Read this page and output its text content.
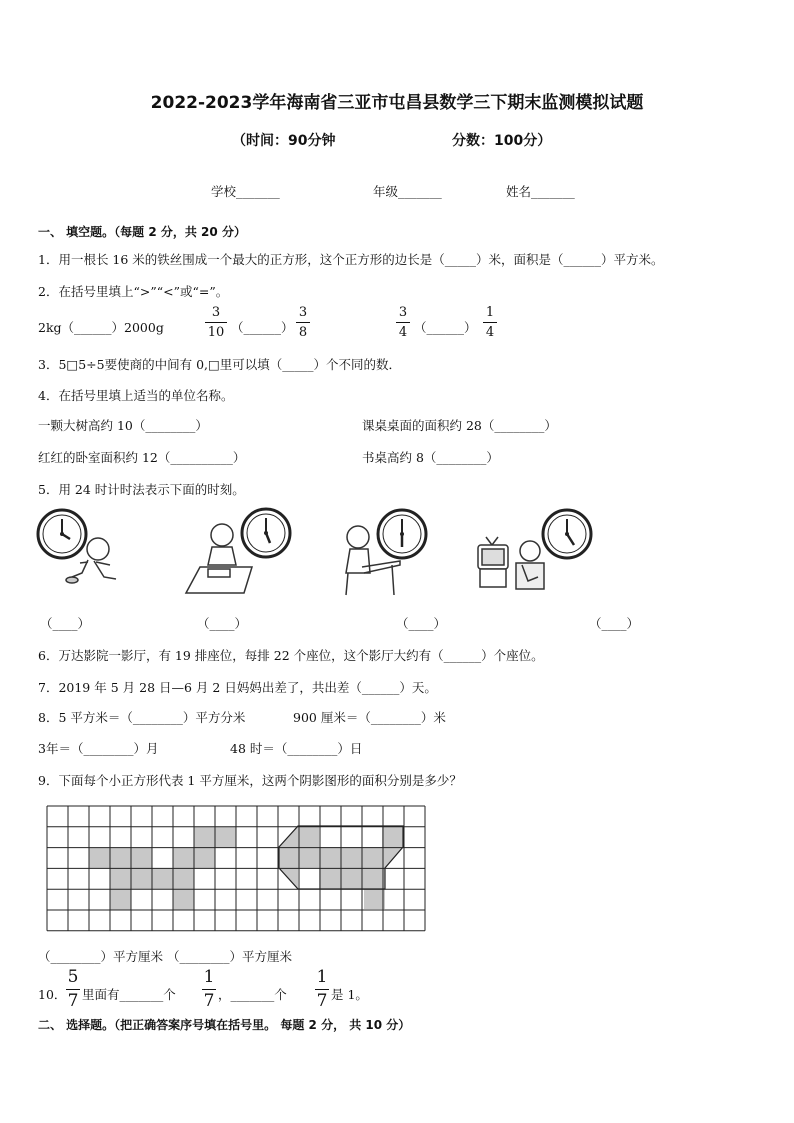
2022-2023学年海南省三亚市屯昌县数学三下期末监测模拟试题
（时间：90分钟	分数：100分）
学校_______	年级_______	姓名_______
一、 填空题。（每题 2 分，共 20 分）
1．用一根长 16 米的铁丝围成一个最大的正方形，这个正方形的边长是（_____）米，面积是（______）平方米。
2．在括号里填上“>”“<”或“=”。
2kg（______）2000g
3
10 （______）
3
8
3
4 （______）
1
4
3．5□5÷5要使商的中间有 0,□里可以填（_____）个不同的数．
4．在括号里填上适当的单位名称。
一颗大树高约 10（________）	课桌桌面的面积约 28（________）
红红的卧室面积约 12（__________）	书桌高约 8（________）
5．用 24 时计时法表示下面的时刻。
（____）	（____）	（____）	（____）
6．万达影院一影厅，有 19 排座位，每排 22 个座位，这个影厅大约有（______）个座位。
7．2019 年 5 月 28 日—6 月 2 日妈妈出差了，共出差（______）天。
8．5 平方米＝（________）平方分米	900 厘米＝（________）米
3年＝（________）月	48 时＝（________）日
9．下面每个小正方形代表 1 平方厘米，这两个阴影图形的面积分别是多少？
（________）平方厘米 （________）平方厘米
10．
5
7 里面有_______个
1
7 ，_______个
1
7 是 1。
二、 选择题。（把正确答案序号填在括号里。 每题 2 分， 共 10 分）
